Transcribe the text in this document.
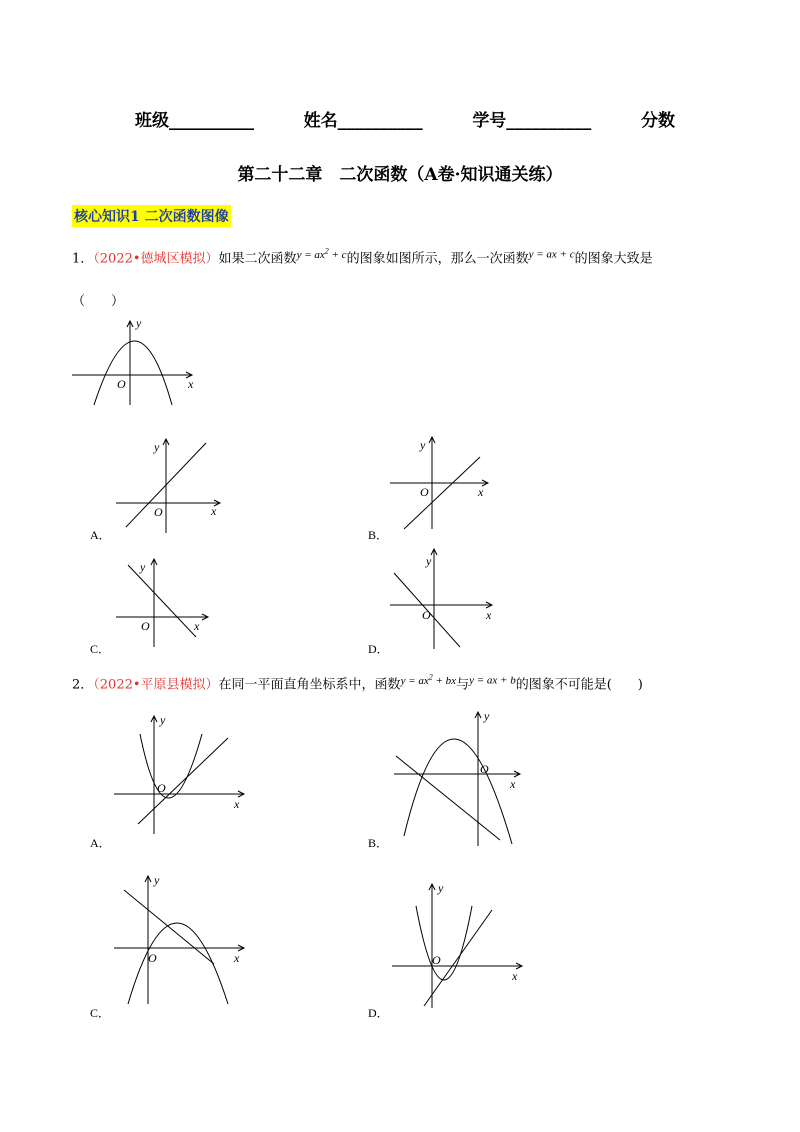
班级__________	姓名__________	学号__________	分数
第二十二章　二次函数（A卷·知识通关练）
核心知识1 二次函数图像
1．（2022•德城区模拟）如果二次函数$^{y = ax^2 + c}$的图象如图所示，那么一次函数$^{y = ax + c}$的图象大致是
（　　）
y
x
O
y
x
O
A．
y
x
O
B．
y
x
O
C．
y
x
O
D．
2．（2022•平原县模拟）在同一平面直角坐标系中，函数$^{y = ax^2 + bx}$与$^{y = ax + b}$的图象不可能是(　　)
y
x
O
A．
y
x
O
B．
y
x
O
C．
y
x
O
D．
